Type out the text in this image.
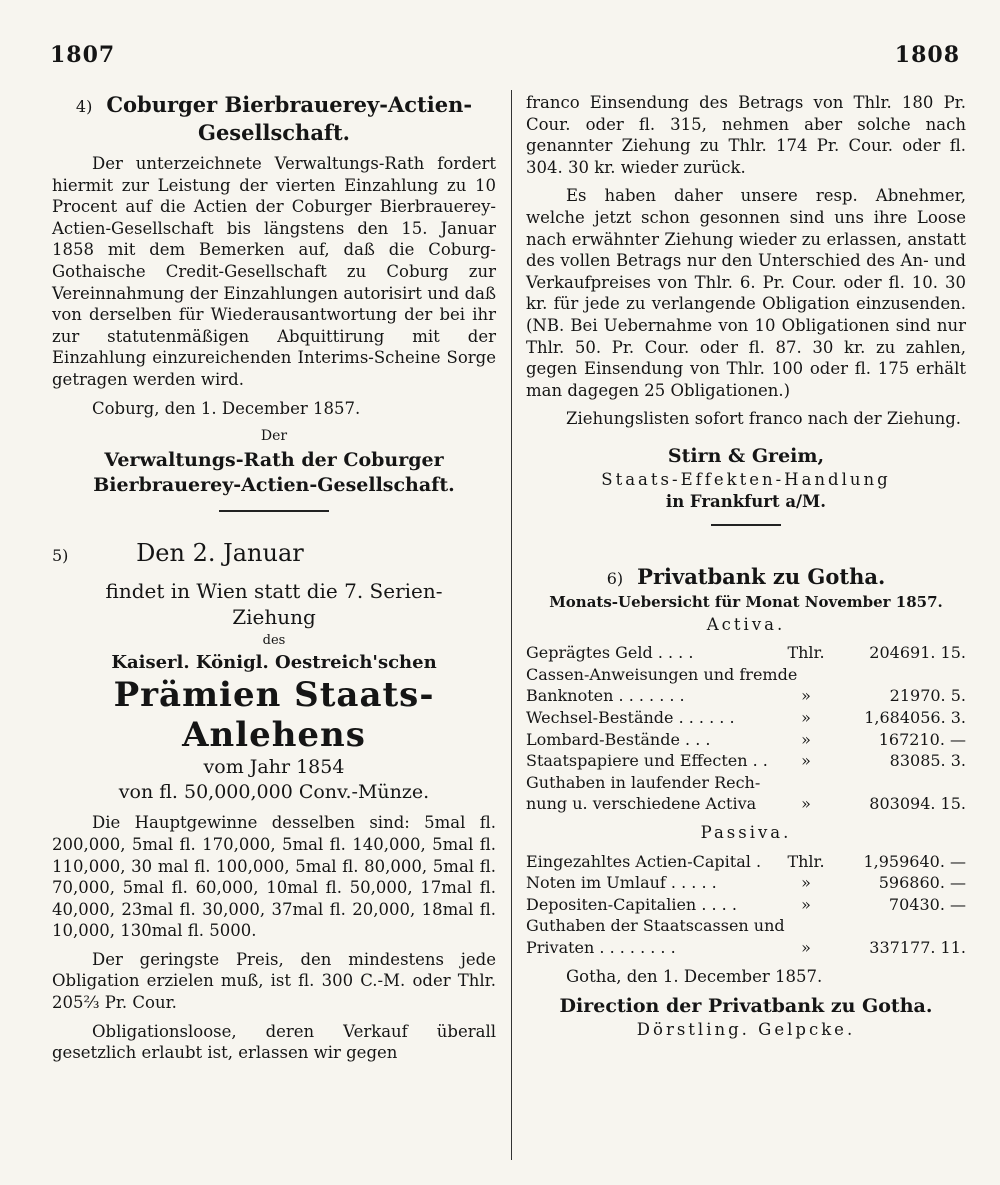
1807	1808
4) Coburger Bierbrauerey-Actien-Gesellschaft.

Der unterzeichnete Verwaltungs-Rath fordert hiermit zur Leistung der vierten Einzahlung zu 10 Procent auf die Actien der Coburger Bierbrauerey-Actien-Gesellschaft bis längstens den 15. Januar 1858 mit dem Bemerken auf, daß die Coburg-Gothaische Credit-Gesellschaft zu Coburg zur Vereinnahmung der Einzahlungen autorisirt und daß von derselben für Wiederausantwortung der bei ihr zur statutenmäßigen Abquittirung mit der Einzahlung einzureichenden Interims-Scheine Sorge getragen werden wird.

Coburg, den 1. December 1857.

Der

Verwaltungs-Rath der Coburger Bierbrauerey-Actien-Gesellschaft.

5)	Den 2. Januar

findet in Wien statt die 7. Serien-

Ziehung

des

Kaiserl. Königl. Oestreich'schen

Prämien Staats-Anlehens

vom Jahr 1854

von fl. 50,000,000 Conv.-Münze.

Die Hauptgewinne desselben sind: 5mal fl. 200,000, 5mal fl. 170,000, 5mal fl. 140,000, 5mal fl. 110,000, 30 mal fl. 100,000, 5mal fl. 80,000, 5mal fl. 70,000, 5mal fl. 60,000, 10mal fl. 50,000, 17mal fl. 40,000, 23mal fl. 30,000, 37mal fl. 20,000, 18mal fl. 10,000, 130mal fl. 5000.

Der geringste Preis, den mindestens jede Obligation erzielen muß, ist fl. 300 C.-M. oder Thlr. 205⅔ Pr. Cour.

Obligationsloose, deren Verkauf überall gesetzlich erlaubt ist, erlassen wir gegen

franco Einsendung des Betrags von Thlr. 180 Pr. Cour. oder fl. 315, nehmen aber solche nach genannter Ziehung zu Thlr. 174 Pr. Cour. oder fl. 304. 30 kr. wieder zurück.

Es haben daher unsere resp. Abnehmer, welche jetzt schon gesonnen sind uns ihre Loose nach erwähnter Ziehung wieder zu erlassen, anstatt des vollen Betrags nur den Unterschied des An- und Verkaufpreises von Thlr. 6. Pr. Cour. oder fl. 10. 30 kr. für jede zu verlangende Obligation einzusenden. (NB. Bei Uebernahme von 10 Obligationen sind nur Thlr. 50. Pr. Cour. oder fl. 87. 30 kr. zu zahlen, gegen Einsendung von Thlr. 100 oder fl. 175 erhält man dagegen 25 Obligationen.)

Ziehungslisten sofort franco nach der Ziehung.

Stirn & Greim,

Staats-Effekten-Handlung

in Frankfurt a/M.

6) Privatbank zu Gotha.

Monats-Uebersicht für Monat November 1857.

Activa.

Geprägtes Geld . . . .	Thlr.	204691. 15.
Cassen-Anweisungen und fremde		
Banknoten . . . . . . .	»	21970. 5.
Wechsel-Bestände . . . . . .	»	1,684056. 3.
Lombard-Bestände . . .	»	167210. —
Staatspapiere und Effecten . .	»	83085. 3.
Guthaben in laufender Rech-		
nung u. verschiedene Activa	»	803094. 15.

Passiva.

Eingezahltes Actien-Capital .	Thlr.	1,959640. —
Noten im Umlauf . . . . .	»	596860. —
Depositen-Capitalien . . . .	»	70430. —
Guthaben der Staatscassen und		
Privaten . . . . . . . .	»	337177. 11.

Gotha, den 1. December 1857.

Direction der Privatbank zu Gotha.

Dörstling. Gelpcke.
